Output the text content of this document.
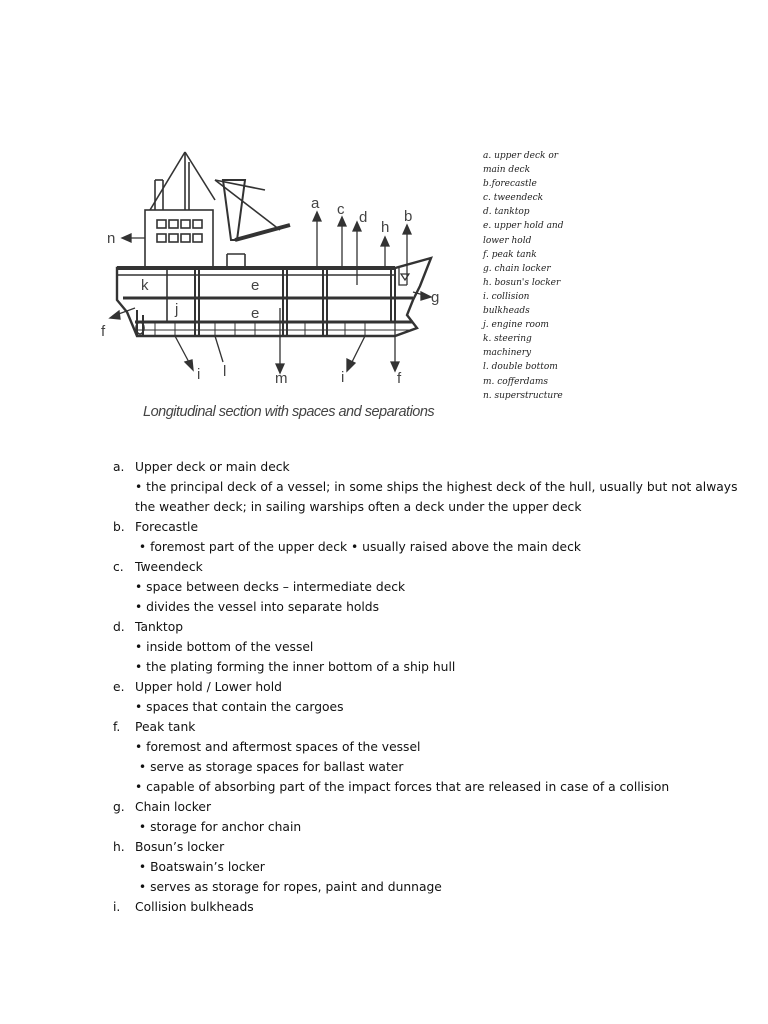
a c d
h
b
n
g
k
j
e
e
f
f
i	i
l	m
Longitudinal section with spaces and separations
a. upper deck or
main deck
b.forecastle
c. tweendeck
d. tanktop
e. upper hold and
lower hold
f. peak tank
g. chain locker
h. bosun's locker
i. collision
bulkheads
j. engine room
k. steering
machinery
l. double bottom
m. cofferdams
n. superstructure
a. Upper deck or main deck
• the principal deck of a vessel; in some ships the highest deck of the hull, usually but not always
the weather deck; in sailing warships often a deck under the upper deck
b. Forecastle
• foremost part of the upper deck • usually raised above the main deck
c. Tweendeck
• space between decks – intermediate deck
• divides the vessel into separate holds
d. Tanktop
• inside bottom of the vessel
• the plating forming the inner bottom of a ship hull
e. Upper hold / Lower hold
• spaces that contain the cargoes
f. Peak tank
• foremost and aftermost spaces of the vessel
• serve as storage spaces for ballast water
• capable of absorbing part of the impact forces that are released in case of a collision
g. Chain locker
• storage for anchor chain
h. Bosun’s locker
• Boatswain’s locker
• serves as storage for ropes, paint and dunnage
i. Collision bulkheads
